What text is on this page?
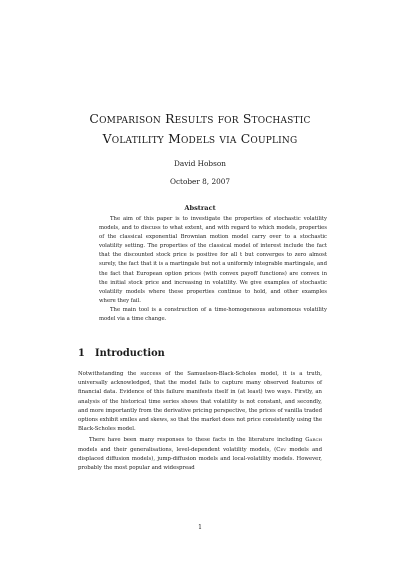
Comparison Results for Stochastic
Volatility Models via Coupling
David Hobson
October 8, 2007
Abstract

The aim of this paper is to investigate the properties of stochastic volatility models, and to discuss to what extent, and with regard to which models, properties of the classical exponential Brownian motion model carry over to a stochastic volatility setting. The properties of the classical model of interest include the fact that the discounted stock price is positive for all t but converges to zero almost surely, the fact that it is a martingale but not a uniformly integrable martingale, and the fact that European option prices (with convex payoff functions) are convex in the initial stock price and increasing in volatility. We give examples of stochastic volatility models where these properties continue to hold, and other examples where they fail.

The main tool is a construction of a time-homogeneous autonomous volatility model via a time change.

1 Introduction

Notwithstanding the success of the Samuelson-Black-Scholes model, it is a truth, universally acknowledged, that the model fails to capture many observed features of financial data. Evidence of this failure manifests itself in (at least) two ways. Firstly, an analysis of the historical time series shows that volatility is not constant, and secondly, and more importantly from the derivative pricing perspective, the prices of vanilla traded options exhibit smiles and skews, so that the market does not price consistently using the Black-Scholes model.

There have been many responses to these facts in the literature including Garch models and their generalisations, level-dependent volatility models, (Cev models and displaced diffusion models), jump-diffusion models and local-volatility models. However, probably the most popular and widespread

1
